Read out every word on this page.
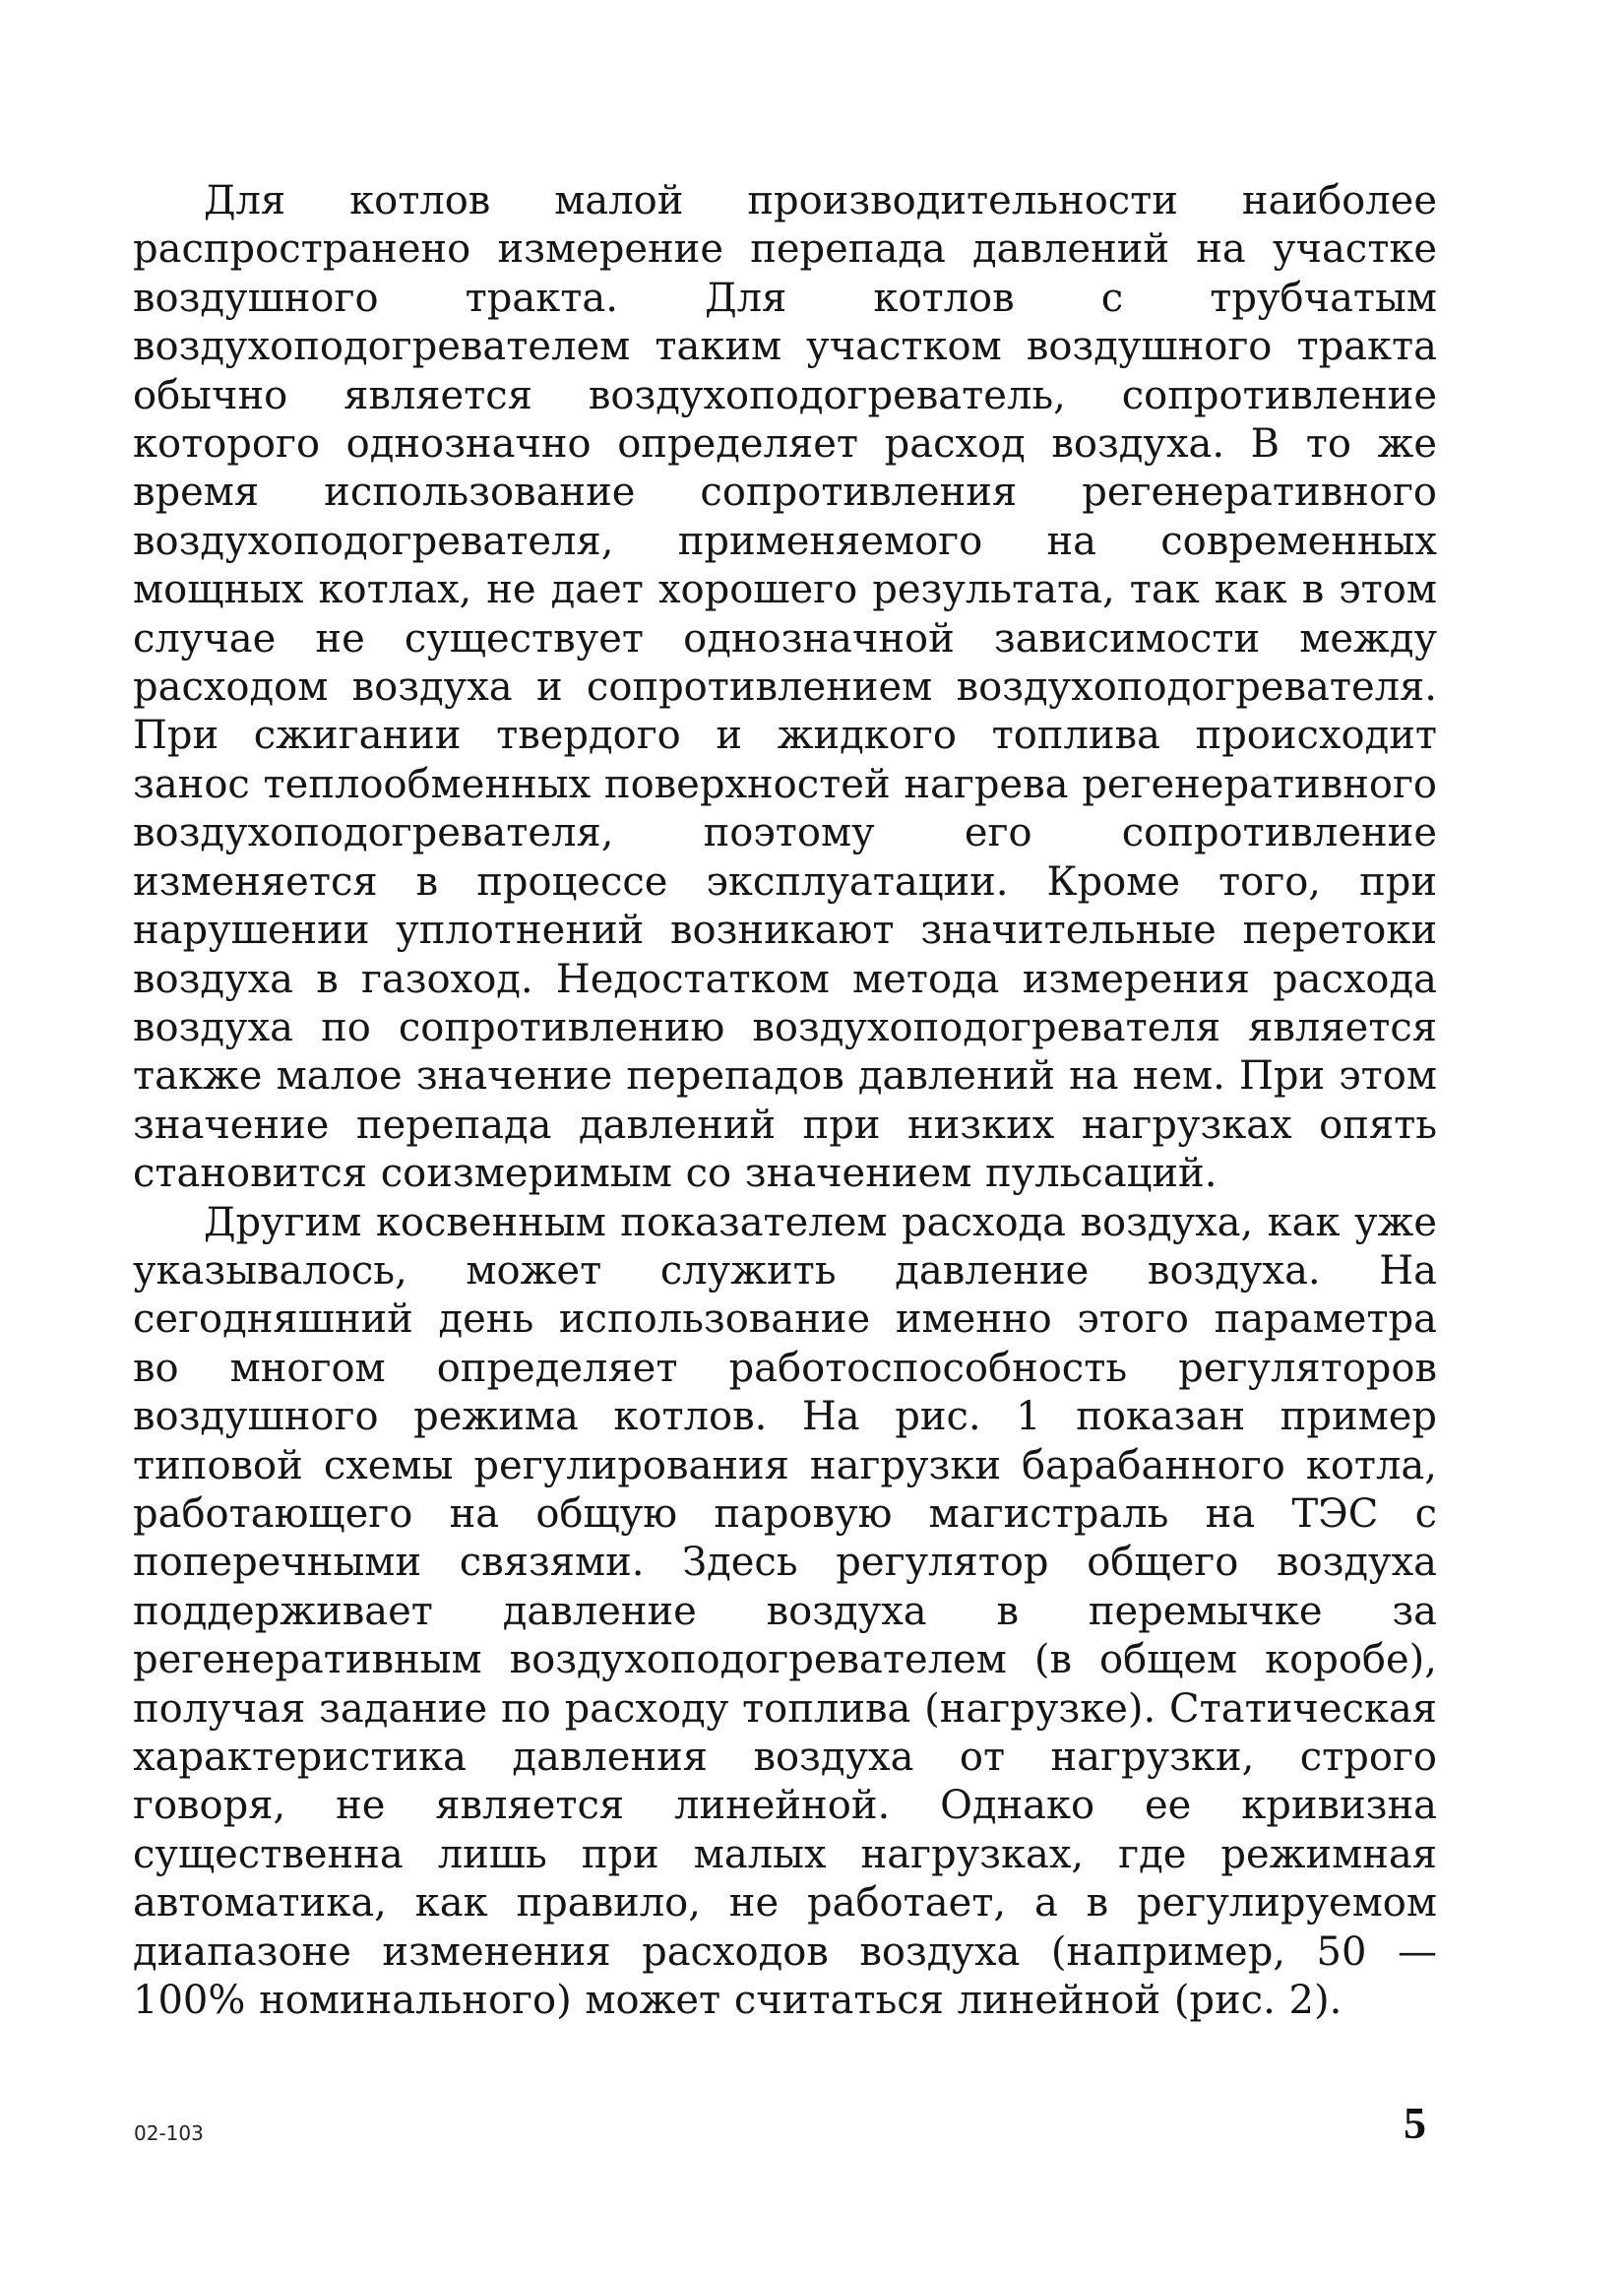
Для котлов малой производительности наиболее распространено измерение перепада давлений на участке воздушного тракта. Для котлов с трубчатым воздухоподогревателем таким участком воздушного тракта обычно является воздухоподогреватель, сопротивление которого однозначно определяет расход воздуха. В то же время использование сопротивления регенеративного воздухоподогревателя, применяемого на современных мощных котлах, не дает хорошего результата, так как в этом случае не существует однозначной зависимости между расходом воздуха и сопротивлением воздухоподогревателя. При сжигании твердого и жидкого топлива происходит занос теплообменных поверхностей нагрева регенеративного воздухоподогревателя, поэтому его сопротивление изменяется в процессе эксплуатации. Кроме того, при нарушении уплотнений возникают значительные перетоки воздуха в газоход. Недостатком метода измерения расхода воздуха по сопротивлению воздухоподогревателя является также малое значение перепадов давлений на нем. При этом значение перепада давлений при низких нагрузках опять становится соизмеримым со значением пульсаций.

Другим косвенным показателем расхода воздуха, как уже указывалось, может служить давление воздуха. На сегодняшний день использование именно этого параметра во многом определяет работоспособность регуляторов воздушного режима котлов. На рис. 1 показан пример типовой схемы регулирования нагрузки барабанного котла, работающего на общую паровую магистраль на ТЭС с поперечными связями. Здесь регулятор общего воздуха поддерживает давление воздуха в перемычке за регенеративным воздухоподогревателем (в общем коробе), получая задание по расходу топлива (нагрузке). Статическая характеристика давления воздуха от нагрузки, строго говоря, не является линейной. Однако ее кривизна существенна лишь при малых нагрузках, где режимная автоматика, как правило, не работает, а в регулируемом диапазоне изменения расходов воздуха (например, 50 — 100% номинального) может считаться линейной (рис. 2).

02-103	5
